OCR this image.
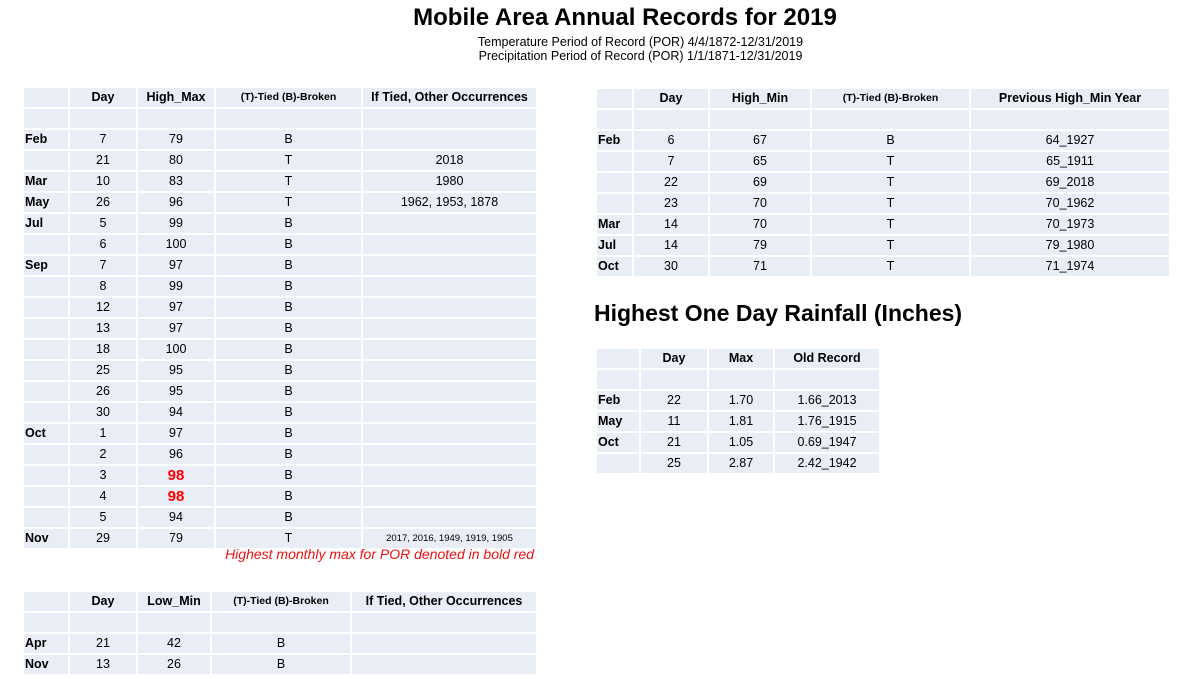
Mobile Area Annual Records for 2019
Temperature Period of Record (POR) 4/4/1872-12/31/2019
Precipitation Period of Record (POR) 1/1/1871-12/31/2019
	Day	High_Max	(T)-Tied (B)-Broken	If Tied, Other Occurrences

Feb	7	79	B	
	21	80	T	2018
Mar	10	83	T	1980
May	26	96	T	1962, 1953, 1878
Jul	5	99	B	
	6	100	B	
Sep	7	97	B	
	8	99	B	
	12	97	B	
	13	97	B	
	18	100	B	
	25	95	B	
	26	95	B	
	30	94	B	
Oct	1	97	B	
	2	96	B	
	3	98	B	
	4	98	B	
	5	94	B	
Nov	29	79	T	2017, 2016, 1949, 1919, 1905
Highest monthly max for POR denoted in bold red
	Day	Low_Min	(T)-Tied (B)-Broken	If Tied, Other Occurrences

Apr	21	42	B	
Nov	13	26	B	
	Day	High_Min	(T)-Tied (B)-Broken	Previous High_Min Year

Feb	6	67	B	64_1927
	7	65	T	65_1911
	22	69	T	69_2018
	23	70	T	70_1962
Mar	14	70	T	70_1973
Jul	14	79	T	79_1980
Oct	30	71	T	71_1974
Highest One Day Rainfall (Inches)
	Day	Max	Old Record

Feb	22	1.70	1.66_2013
May	11	1.81	1.76_1915
Oct	21	1.05	0.69_1947
	25	2.87	2.42_1942
